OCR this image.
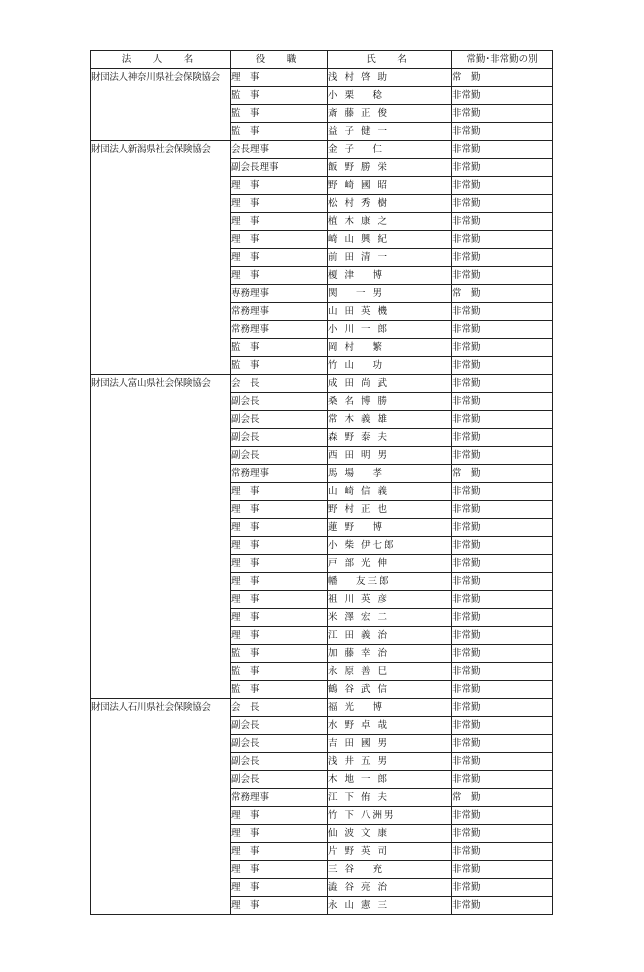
法　人　名	役　職	氏　名	常勤･非常勤の別
財団法人神奈川県社会保険協会	理　事	浅 村 啓 助	常　勤
	監　事	小 栗　 稔	非常勤
	監　事	斎 藤 正 俊	非常勤
	監　事	益 子 健 一	非常勤
財団法人新潟県社会保険協会	会長理事	金 子　 仁	非常勤
	副会長理事	飯 野 勝 栄	非常勤
	理　事	野 崎 國 昭	非常勤
	理　事	松 村 秀 樹	非常勤
	理　事	植 木 康 之	非常勤
	理　事	崎 山 興 紀	非常勤
	理　事	前 田 清 一	非常勤
	理　事	榎 津　 博	非常勤
	専務理事	関　 一 男	常　勤
	常務理事	山 田 英 機	非常勤
	常務理事	小 川 一 郎	非常勤
	監　事	岡 村　 繁	非常勤
	監　事	竹 山　 功	非常勤
財団法人富山県社会保険協会	会　長	成 田 尚 武	非常勤
	副会長	桑 名 博 勝	非常勤
	副会長	常 木 義 雄	非常勤
	副会長	森 野 泰 夫	非常勤
	副会長	西 田 明 男	非常勤
	常務理事	馬 場　 孝	常　勤
	理　事	山 崎 信 義	非常勤
	理　事	野 村 正 也	非常勤
	理　事	蓮 野　 博	非常勤
	理　事	小 柴 伊七郎	非常勤
	理　事	戸 部 光 伸	非常勤
	理　事	幡　 友三郎	非常勤
	理　事	祖 川 英 彦	非常勤
	理　事	米 澤 宏 二	非常勤
	理　事	江 田 義 治	非常勤
	監　事	加 藤 幸 治	非常勤
	監　事	永 原 善 巳	非常勤
	監　事	鶴 谷 武 信	非常勤
財団法人石川県社会保険協会	会　長	福 光　 博	非常勤
	副会長	水 野 卓 哉	非常勤
	副会長	吉 田 國 男	非常勤
	副会長	浅 井 五 男	非常勤
	副会長	木 地 一 郎	非常勤
	常務理事	江 下 侑 夫	常　勤
	理　事	竹 下 八洲男	非常勤
	理　事	仙 波 文 康	非常勤
	理　事	片 野 英 司	非常勤
	理　事	三 谷　 充	非常勤
	理　事	澁 谷 亮 治	非常勤
	理　事	永 山 憲 三	非常勤
